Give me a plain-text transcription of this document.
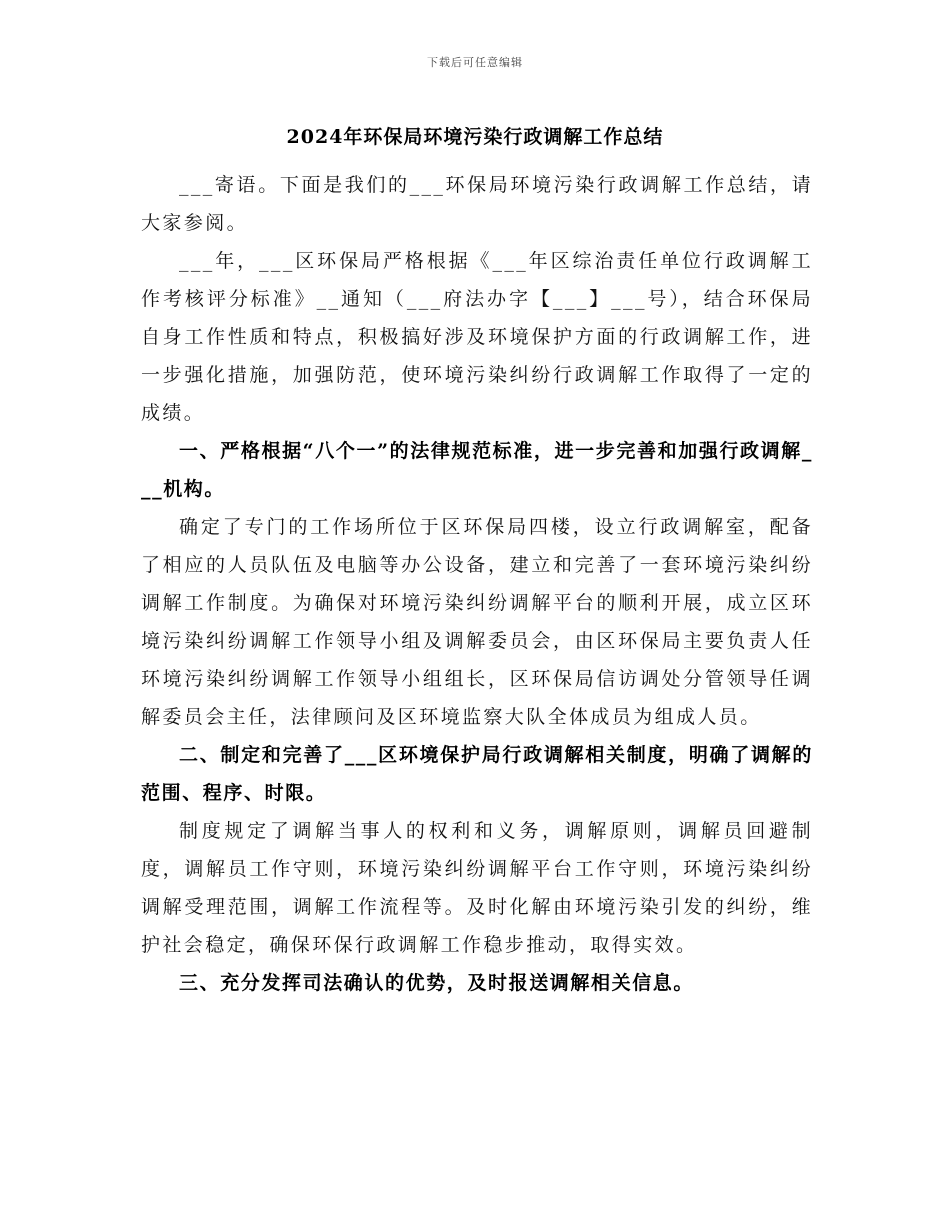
下载后可任意编辑
2024年环保局环境污染行政调解工作总结

___寄语。下面是我们的___环保局环境污染行政调解工作总结，请大家参阅。

___年，___区环保局严格根据《___年区综治责任单位行政调解工作考核评分标准》__通知（___府法办字【___】___号），结合环保局自身工作性质和特点，积极搞好涉及环境保护方面的行政调解工作，进一步强化措施，加强防范，使环境污染纠纷行政调解工作取得了一定的成绩。

一、严格根据“八个一”的法律规范标准，进一步完善和加强行政调解___机构。

确定了专门的工作场所位于区环保局四楼，设立行政调解室，配备了相应的人员队伍及电脑等办公设备，建立和完善了一套环境污染纠纷调解工作制度。为确保对环境污染纠纷调解平台的顺利开展，成立区环境污染纠纷调解工作领导小组及调解委员会，由区环保局主要负责人任环境污染纠纷调解工作领导小组组长，区环保局信访调处分管领导任调解委员会主任，法律顾问及区环境监察大队全体成员为组成人员。

二、制定和完善了___区环境保护局行政调解相关制度，明确了调解的范围、程序、时限。

制度规定了调解当事人的权利和义务，调解原则，调解员回避制度，调解员工作守则，环境污染纠纷调解平台工作守则，环境污染纠纷调解受理范围，调解工作流程等。及时化解由环境污染引发的纠纷，维护社会稳定，确保环保行政调解工作稳步推动，取得实效。

三、充分发挥司法确认的优势，及时报送调解相关信息。
